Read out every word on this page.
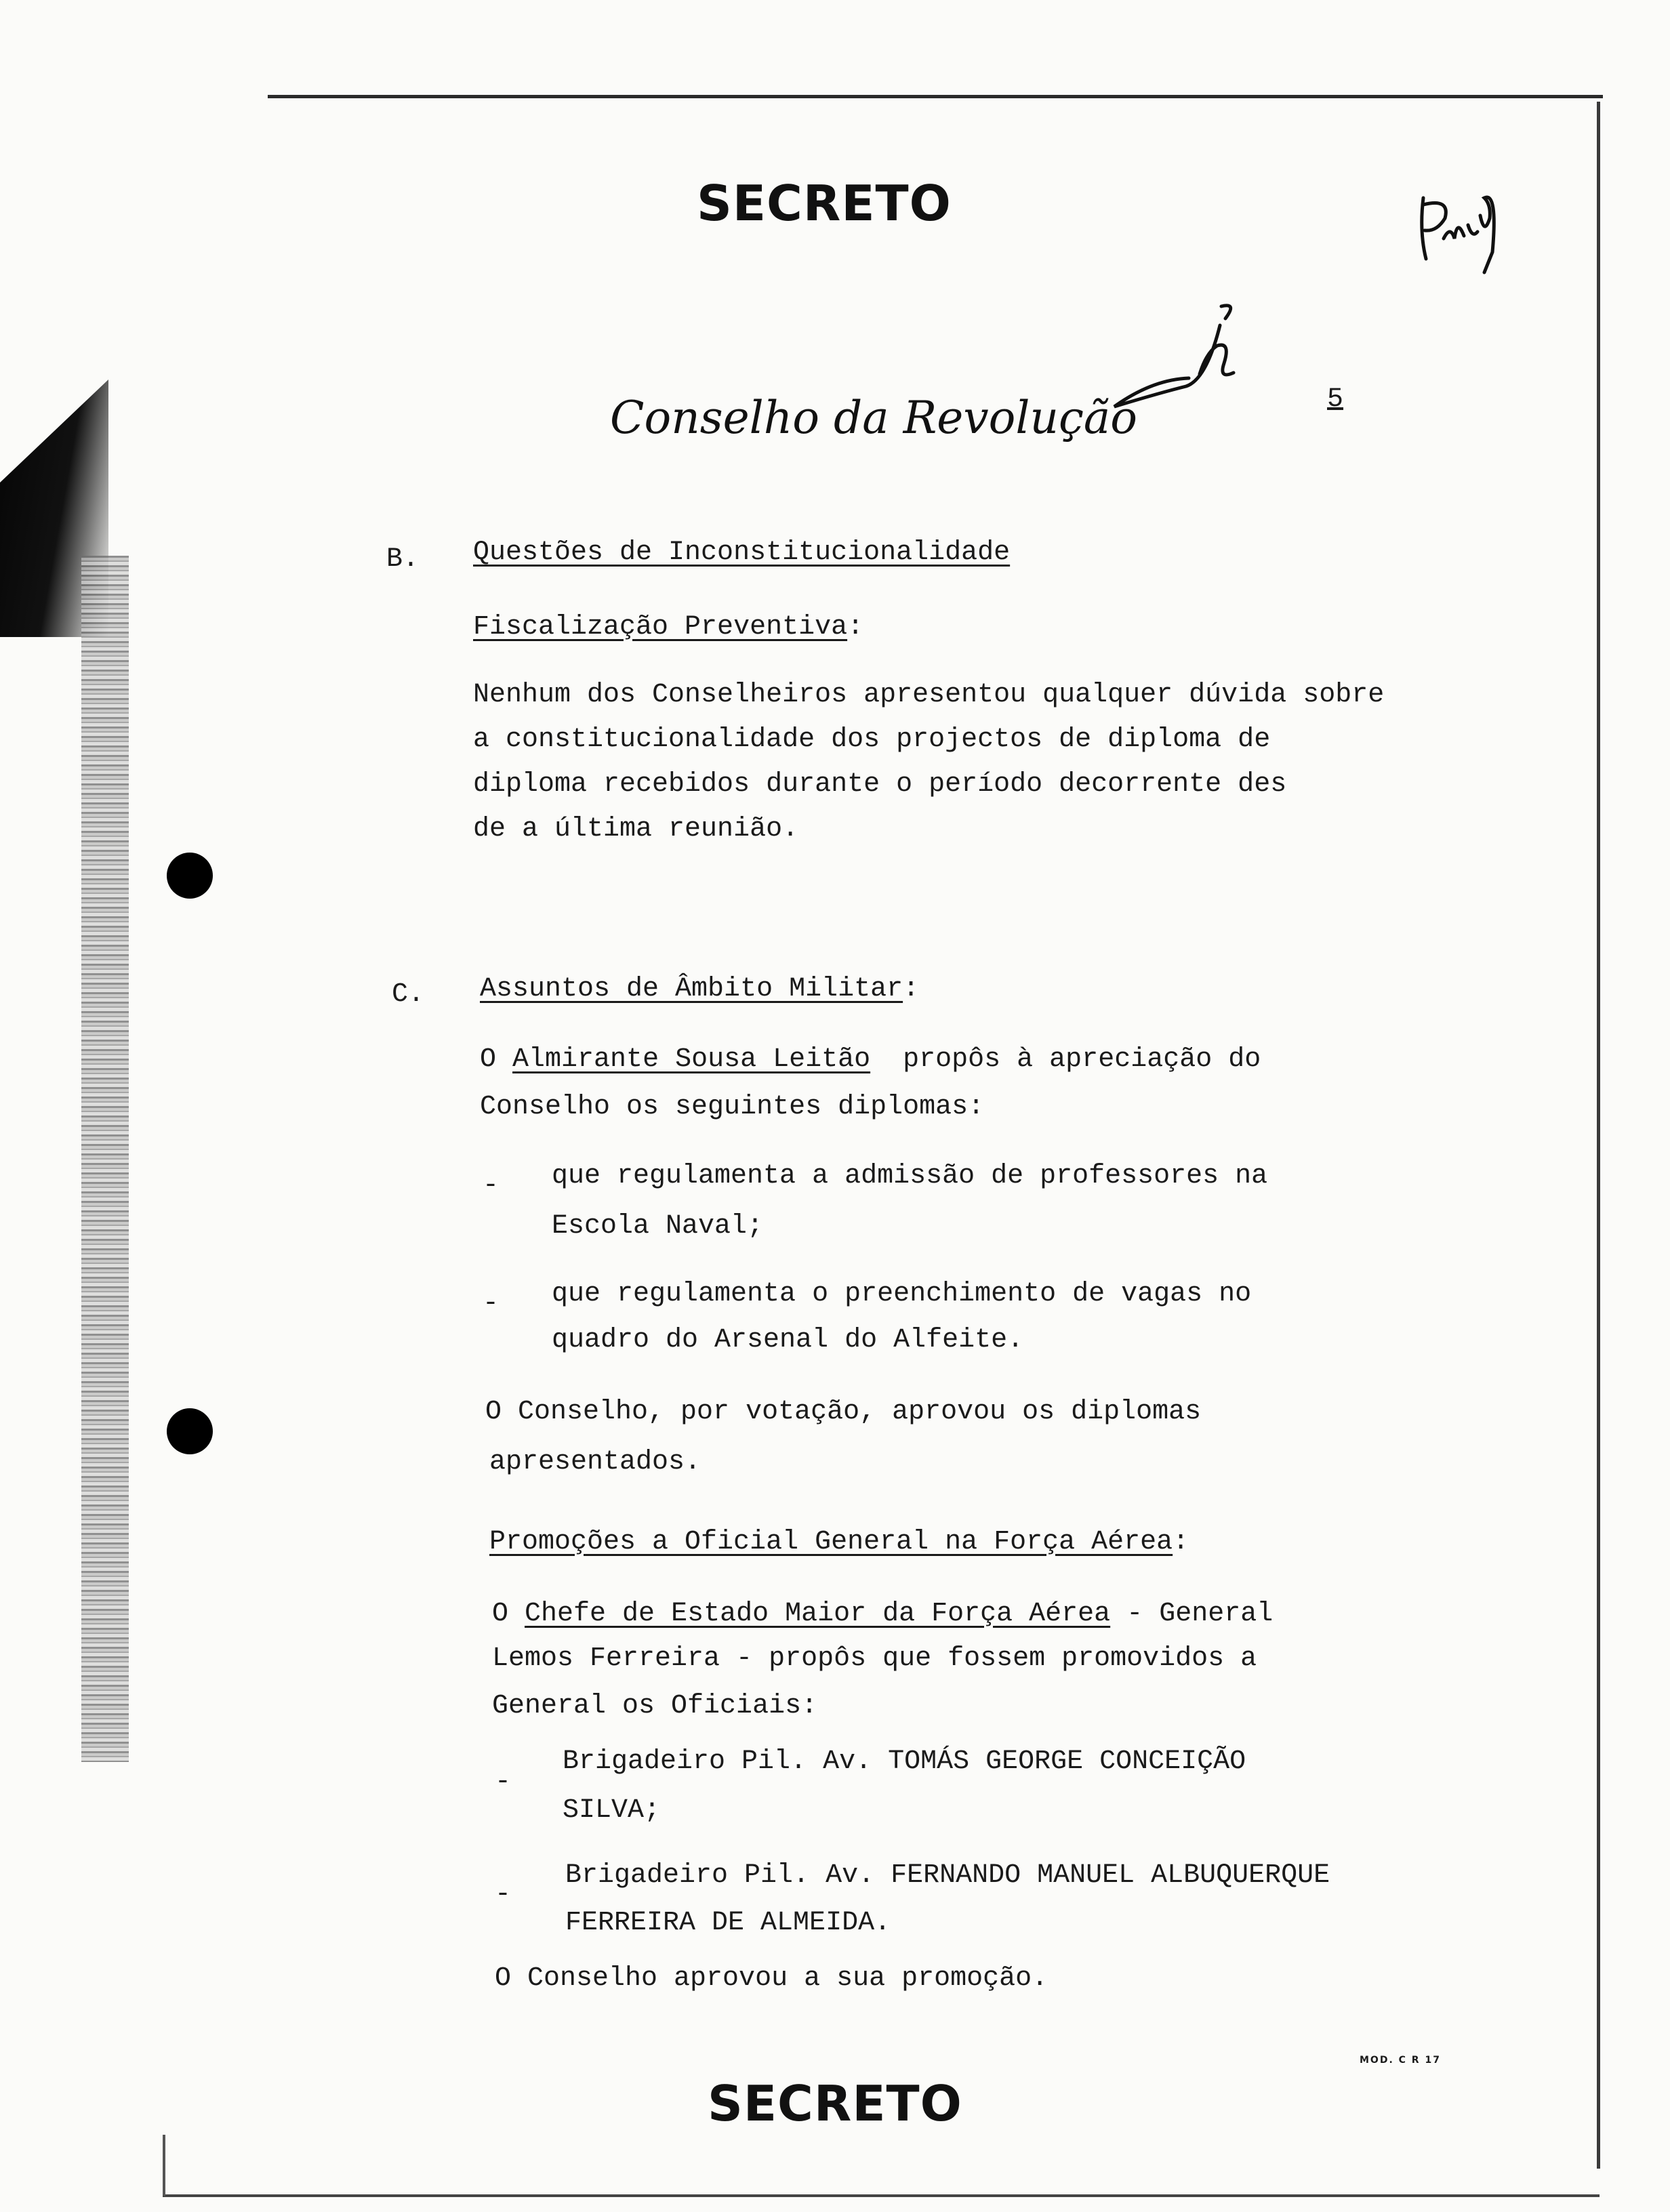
SECRETO
Conselho da Revolução	5
B. Questões de Inconstitucionalidade
Fiscalização Preventiva:
Nenhum dos Conselheiros apresentou qualquer dúvida sobre
a constitucionalidade dos projectos de diploma de
diploma recebidos durante o período decorrente des
de a última reunião.
C. Assuntos de Âmbito Militar:
O Almirante Sousa Leitão propôs à apreciação do
Conselho os seguintes diplomas:
- que regulamenta a admissão de professores na
Escola Naval;
- que regulamenta o preenchimento de vagas no
quadro do Arsenal do Alfeite.
O Conselho, por votação, aprovou os diplomas
apresentados.
Promoções a Oficial General na Força Aérea:
O Chefe de Estado Maior da Força Aérea - General
Lemos Ferreira - propôs que fossem promovidos a
General os Oficiais:
-
Brigadeiro Pil. Av. TOMÁS GEORGE CONCEIÇÃO
SILVA;
-
Brigadeiro Pil. Av. FERNANDO MANUEL ALBUQUERQUE
FERREIRA DE ALMEIDA.
O Conselho aprovou a sua promoção.
MOD. C R 17
SECRETO
